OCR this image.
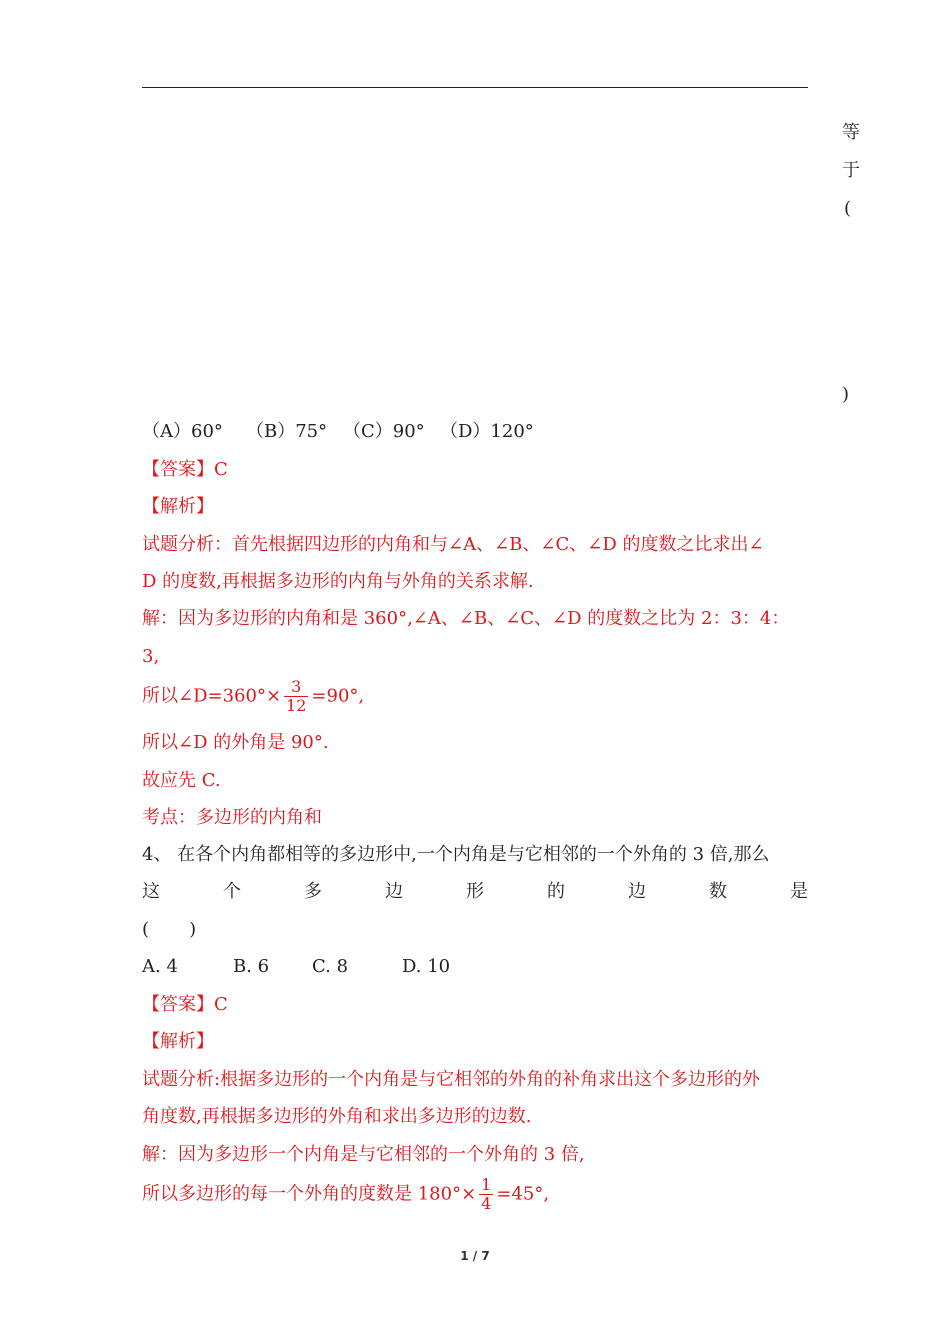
等
于
(
)
（A）60° （B）75° （C）90° （D）120°
【答案】C
【解析】
试题分析：首先根据四边形的内角和与∠A、∠B、∠C、∠D 的度数之比求出∠
D 的度数,再根据多边形的内角与外角的关系求解.
解：因为多边形的内角和是 360°,∠A、∠B、∠C、∠D 的度数之比为 2：3：4：
3,
所以∠D=360°× $\frac{3}{12} =90^\circ$,
所以∠D 的外角是 90°.
故应先 C.
考点：多边形的内角和
4、 在各个内角都相等的多边形中,一个内角是与它相邻的一个外角的 3 倍,那么
这	个	多	边	形	的	边	数	是
(       )
A. 4	B. 6 C. 8	D. 10
【答案】C
【解析】
试题分析:根据多边形的一个内角是与它相邻的外角的补角求出这个多边形的外
角度数,再根据多边形的外角和求出多边形的边数.
解：因为多边形一个内角是与它相邻的一个外角的 3 倍,
所以多边形的每一个外角的度数是 $180^\circ\times \frac{1}{4} =45^\circ$,
1 / 7
